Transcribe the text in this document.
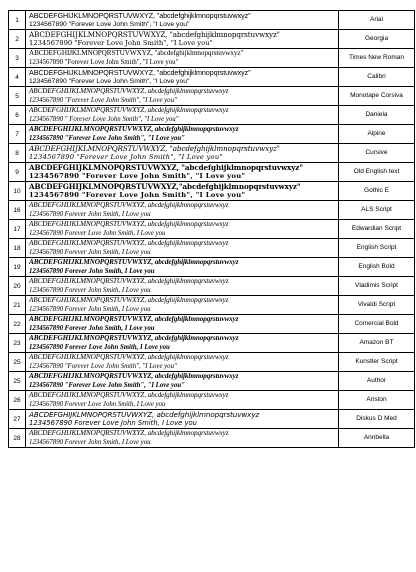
1	ABCDEFGHIJKLMNOPQRSTUVWXYZ, "abcdefghijklmnopqrstuvwxyz"
1234567890 "Forever Love John Smith", "I Love you"	Arial
2	ABCDEFGHIJKLMNOPQRSTUVWXYZ, "abcdefghijklmnopqrstuvwxyz"
1234567890 "Forever Love John Smith", "I Love you"	Georgia
3	ABCDEFGHIJKLMNOPQRSTUVWXYZ, "abcdefghijklmnopqrstuvwxyz"
1234567890 "Forever Love John Smith", "I Love you"	Times New Roman
4	ABCDEFGHIJKLMNOPQRSTUVWXYZ, "abcdefghijklmnopqrstuvwxyz"
1234567890 "Forever Love John Smith", "I Love you"	Calibri
5	ABCDEFGHIJKLMNOPQRSTUVWXYZ, abcdefghijklmnopqrstuvwxyz
1234567890 "Forever Love John Smith", "I Love you"	Monotape Corsiva
6	ABCDEFGHIJKLMNOPQRSTUVWXYZ, abcdefghijklmnopqrstuvwxyz
1234567890 " Forever Love John Smith", "I Love you"	Daniela
7	ABCDEFGHIJKLMNOPQRSTUVWXYZ, abcdefghijklmnopqrstuvwxyz
1234567890 "Forever Love John Smith", "I Love you"	Alpine
8	ABCDEFGHIJKLMNOPQRSTUVWXYZ, "abcdefghijklmnopqrstuvwxyz"
1234567890 "Forever Love John Smith", "I Love you"	Cursive
9	ABCDEFGHIJKLMNOPQRSTUVWXYZ, "abcdefghijklmnopqrstuvwxyz"
1234567890 "Forever Love John Smith", "I Love you"	Old English text
10	ABCDEFGHIJKLMNOPQRSTUVWXYZ,"abcdefghijklmnopqrstuvwxyz"
1234567890 "Forever Love John Smith", "I Love you"	Gothic E
16	ABCDEFGHIJKLMNOPQRSTUVWXYZ, abcdefghijklmnopqrstuvwxyz
1234567890 Forever John Smith, I Love you	ALS Script
17	ABCDEFGHIJKLMNOPQRSTUVWXYZ, abcdefghijklmnopqrstuvwxyz
1234567890 Forever Love John Smith, I Love you	Edwardian Script
18	ABCDEFGHIJKLMNOPQRSTUVWXYZ, abcdefghijklmnopqrstuvwxyz
1234567890 Forever John Smith, I Love you	English Script
19	ABCDEFGHIJKLMNOPQRSTUVWXYZ, abcdefghijklmnopqrstuvwxyz
1234567890 Forever John Smith, I Love you	English Bold
20	ABCDEFGHIJKLMNOPQRSTUVWXYZ, abcdefghijklmnopqrstuvwxyz
1234567890 Forever John Smith, I Love you	Vladimis Script
21	ABCDEFGHIJKLMNOPQRSTUVWXYZ, abcdefghijklmnopqrstuvwxyz
1234567890 Forever John Smith, I Love you	Vivaldi Script
22	ABCDEFGHIJKLMNOPQRSTUVWXYZ, abcdefghijklmnopqrstuvwxyz
1234567890 Forever John Smith, I Love you	Comercial Bold
23	ABCDEFGHIJKLMNOPQRSTUVWXYZ, abcdefghijklmnopqrstuvwxyz
1234567890 Forever Love John Smith, I Love you	Amazon BT
25	ABCDEFGHIJKLMNOPQRSTUVWXYZ, abcdefghijklmnopqrstuvwxyz
1234567890 "Forever Love John Smith", "I Love you"	Kunstler Script
25	ABCDEFGHIJKLMNOPQRSTUVWXYZ, abcdefghijklmnopqrstuvwxyz
1234567890 "Forever Love John Smith", "I Love you"	Author
26	ABCDEFGHIJKLMNOPQRSTUVWXYZ, abcdefghijklmnopqrstuvwxyz
1234567890 Forever Love John Smith, I Love you	Ariston
27	ABCDEFGHIJKLMNOPQRSTUVWXYZ, abcdefghijklmnopqrstuvwxyz
1234567890 Forever Love John Smith, I Love you	Diskus D Med
28	ABCDEFGHIJKLMNOPQRSTUVWXYZ, abcdefghijklmnopqrstuvwxyz
1234567890 Forever John Smith, I Love you	Annbella
